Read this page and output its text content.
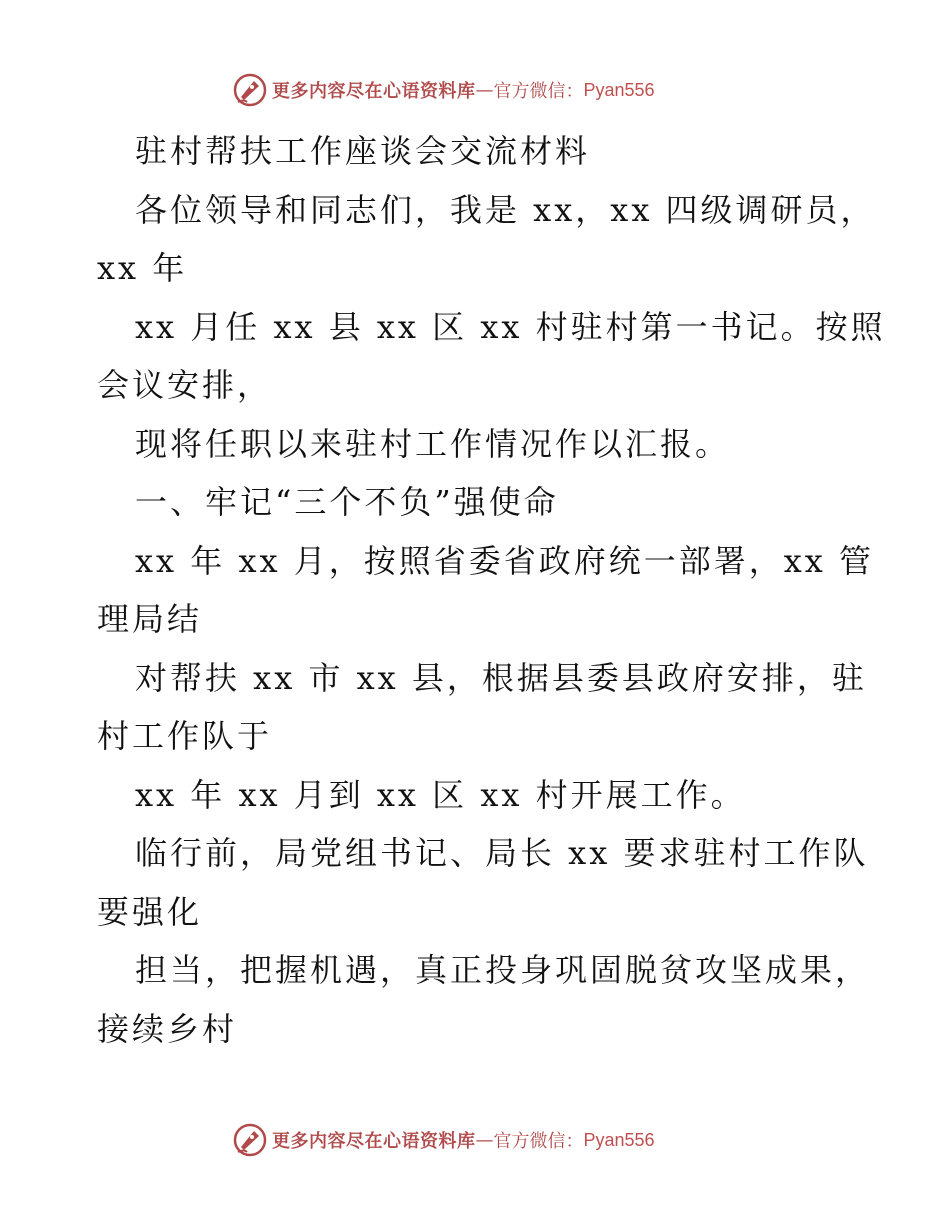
更多内容尽在心语资料库 — 官方微信： Pyan556
驻村帮扶工作座谈会交流材料
各位领导和同志们，我是 xx，xx 四级调研员，
xx 年
xx 月任 xx 县 xx 区 xx 村驻村第一书记。按照
会议安排，
现将任职以来驻村工作情况作以汇报。
一、牢记“三个不负”强使命
xx 年 xx 月，按照省委省政府统一部署，xx 管
理局结
对帮扶 xx 市 xx 县，根据县委县政府安排，驻
村工作队于
xx 年 xx 月到 xx 区 xx 村开展工作。
临行前，局党组书记、局长 xx 要求驻村工作队
要强化
担当，把握机遇，真正投身巩固脱贫攻坚成果，
接续乡村
更多内容尽在心语资料库 — 官方微信： Pyan556
